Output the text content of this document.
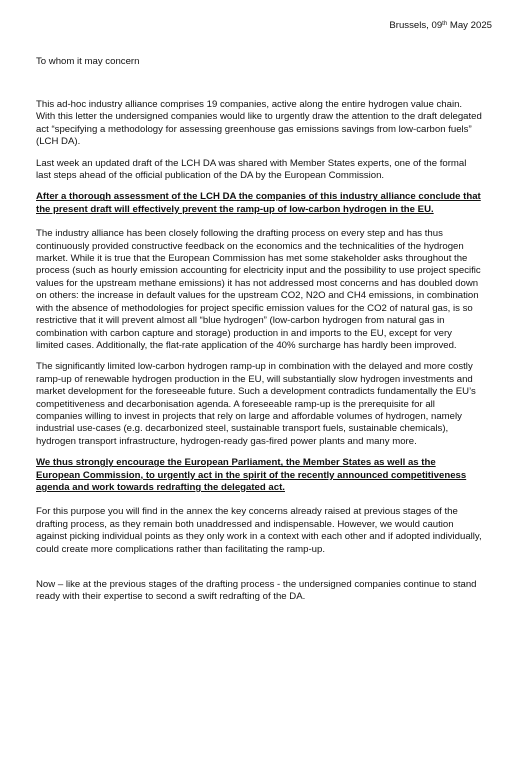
Brussels, 09th May 2025
To whom it may concern

This ad-hoc industry alliance comprises 19 companies, active along the entire hydrogen value chain. With this letter the undersigned companies would like to urgently draw the attention to the draft delegated act “specifying a methodology for assessing greenhouse gas emissions savings from low-carbon fuels” (LCH DA).

Last week an updated draft of the LCH DA was shared with Member States experts, one of the formal last steps ahead of the official publication of the DA by the European Commission.

After a thorough assessment of the LCH DA the companies of this industry alliance conclude that the present draft will effectively prevent the ramp-up of low-carbon hydrogen in the EU.

The industry alliance has been closely following the drafting process on every step and has thus continuously provided constructive feedback on the economics and the technicalities of the hydrogen market. While it is true that the European Commission has met some stakeholder asks throughout the process (such as hourly emission accounting for electricity input and the possibility to use project specific values for the upstream methane emissions) it has not addressed most concerns and has doubled down on others: the increase in default values for the upstream CO2, N2O and CH4 emissions, in combination with the absence of methodologies for project specific emission values for the CO2 of natural gas, is so restrictive that it will prevent almost all “blue hydrogen” (low-carbon hydrogen from natural gas in combination with carbon capture and storage) production in and imports to the EU, except for very limited cases. Additionally, the flat-rate application of the 40% surcharge has hardly been improved.

The significantly limited low-carbon hydrogen ramp-up in combination with the delayed and more costly ramp-up of renewable hydrogen production in the EU, will substantially slow hydrogen investments and market development for the foreseeable future. Such a development contradicts fundamentally the EU’s competitiveness and decarbonisation agenda. A foreseeable ramp-up is the prerequisite for all companies willing to invest in projects that rely on large and affordable volumes of hydrogen, namely industrial use-cases (e.g. decarbonized steel, sustainable transport fuels, sustainable chemicals), hydrogen transport infrastructure, hydrogen-ready gas-fired power plants and many more.

We thus strongly encourage the European Parliament, the Member States as well as the European Commission, to urgently act in the spirit of the recently announced competitiveness agenda and work towards redrafting the delegated act.

For this purpose you will find in the annex the key concerns already raised at previous stages of the drafting process, as they remain both unaddressed and indispensable. However, we would caution against picking individual points as they only work in a context with each other and if adopted individually, could create more complications rather than facilitating the ramp-up.

Now – like at the previous stages of the drafting process - the undersigned companies continue to stand ready with their expertise to second a swift redrafting of the DA.
